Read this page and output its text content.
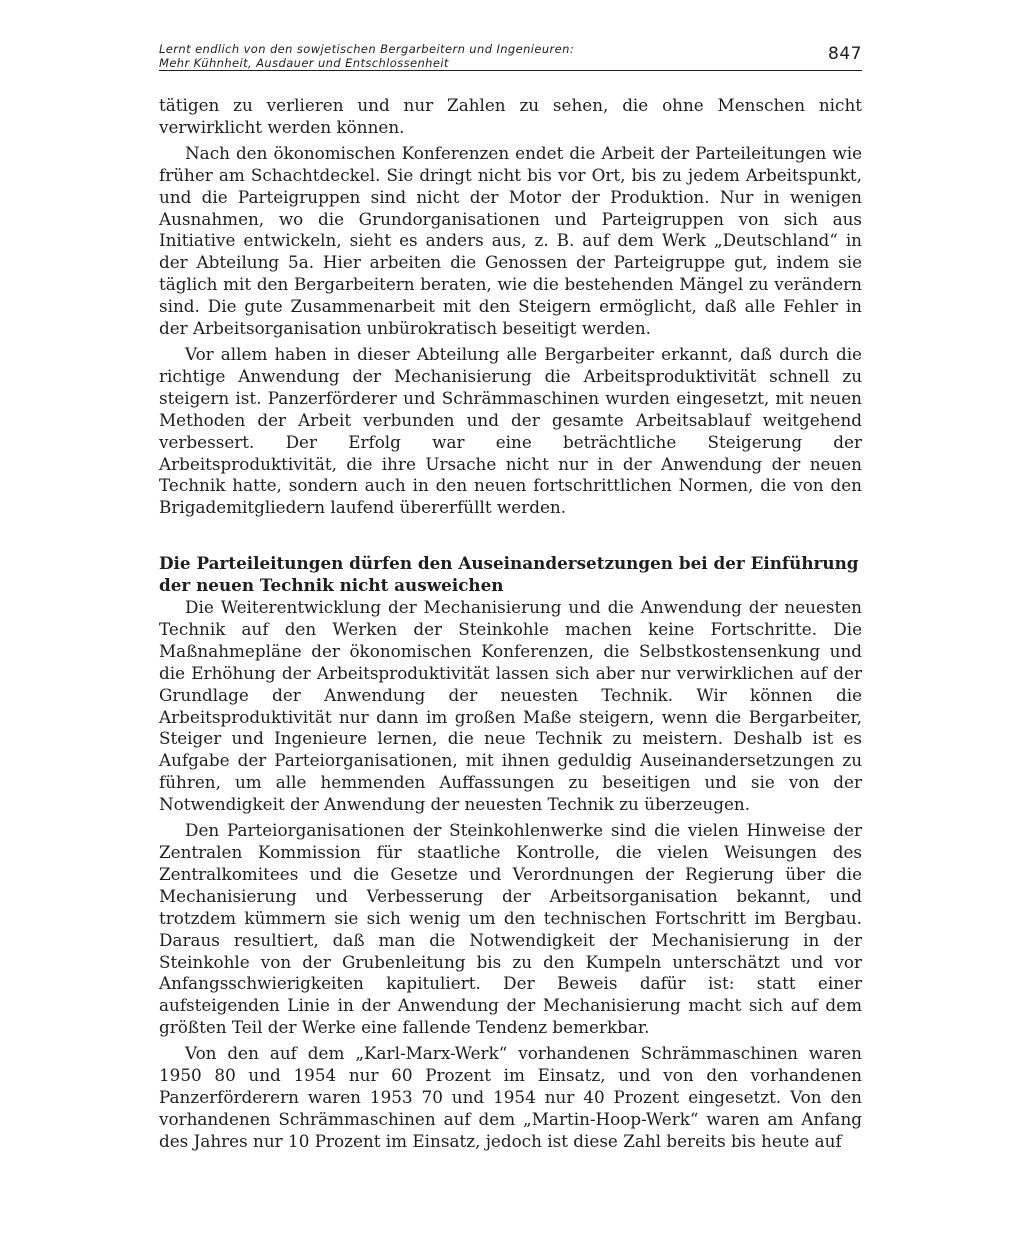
Lernt endlich von den sowjetischen Bergarbeitern und Ingenieuren:
Mehr Kühnheit, Ausdauer und Entschlossenheit	847

tätigen zu verlieren und nur Zahlen zu sehen, die ohne Menschen nicht verwirklicht werden können.

Nach den ökonomischen Konferenzen endet die Arbeit der Parteileitungen wie früher am Schachtdeckel. Sie dringt nicht bis vor Ort, bis zu jedem Arbeitspunkt, und die Parteigruppen sind nicht der Motor der Produktion. Nur in wenigen Ausnahmen, wo die Grundorganisationen und Parteigruppen von sich aus Initiative entwickeln, sieht es anders aus, z. B. auf dem Werk „Deutschland“ in der Abteilung 5a. Hier arbeiten die Genossen der Parteigruppe gut, indem sie täglich mit den Bergarbeitern beraten, wie die bestehenden Mängel zu verändern sind. Die gute Zusammenarbeit mit den Steigern ermöglicht, daß alle Fehler in der Arbeitsorganisation unbürokratisch beseitigt werden.

Vor allem haben in dieser Abteilung alle Bergarbeiter erkannt, daß durch die richtige Anwendung der Mechanisierung die Arbeitsproduktivität schnell zu steigern ist. Panzerförderer und Schrämmaschinen wurden eingesetzt, mit neuen Methoden der Arbeit verbunden und der gesamte Arbeitsablauf weitgehend verbessert. Der Erfolg war eine beträchtliche Steigerung der Arbeitsproduktivität, die ihre Ursache nicht nur in der Anwendung der neuen Technik hatte, sondern auch in den neuen fortschrittlichen Normen, die von den Brigademitgliedern laufend übererfüllt werden.

Die Parteileitungen dürfen den Auseinandersetzungen bei der Einführung der neuen Technik nicht ausweichen

Die Weiterentwicklung der Mechanisierung und die Anwendung der neuesten Technik auf den Werken der Steinkohle machen keine Fortschritte. Die Maßnahmepläne der ökonomischen Konferenzen, die Selbstkostensenkung und die Erhöhung der Arbeitsproduktivität lassen sich aber nur verwirklichen auf der Grundlage der Anwendung der neuesten Technik. Wir können die Arbeitsproduktivität nur dann im großen Maße steigern, wenn die Bergarbeiter, Steiger und Ingenieure lernen, die neue Technik zu meistern. Deshalb ist es Aufgabe der Parteiorganisationen, mit ihnen geduldig Auseinandersetzungen zu führen, um alle hemmenden Auffassungen zu beseitigen und sie von der Notwendigkeit der Anwendung der neuesten Technik zu überzeugen.

Den Parteiorganisationen der Steinkohlenwerke sind die vielen Hinweise der Zentralen Kommission für staatliche Kontrolle, die vielen Weisungen des Zentralkomitees und die Gesetze und Verordnungen der Regierung über die Mechanisierung und Verbesserung der Arbeitsorganisation bekannt, und trotzdem kümmern sie sich wenig um den technischen Fortschritt im Bergbau. Daraus resultiert, daß man die Notwendigkeit der Mechanisierung in der Steinkohle von der Grubenleitung bis zu den Kumpeln unterschätzt und vor Anfangsschwierigkeiten kapituliert. Der Beweis dafür ist: statt einer aufsteigenden Linie in der Anwendung der Mechanisierung macht sich auf dem größten Teil der Werke eine fallende Tendenz bemerkbar.

Von den auf dem „Karl-Marx-Werk“ vorhandenen Schrämmaschinen waren 1950 80 und 1954 nur 60 Prozent im Einsatz, und von den vorhandenen Panzerförderern waren 1953 70 und 1954 nur 40 Prozent eingesetzt. Von den vorhandenen Schrämmaschinen auf dem „Martin-Hoop-Werk“ waren am Anfang des Jahres nur 10 Prozent im Einsatz, jedoch ist diese Zahl bereits bis heute auf
